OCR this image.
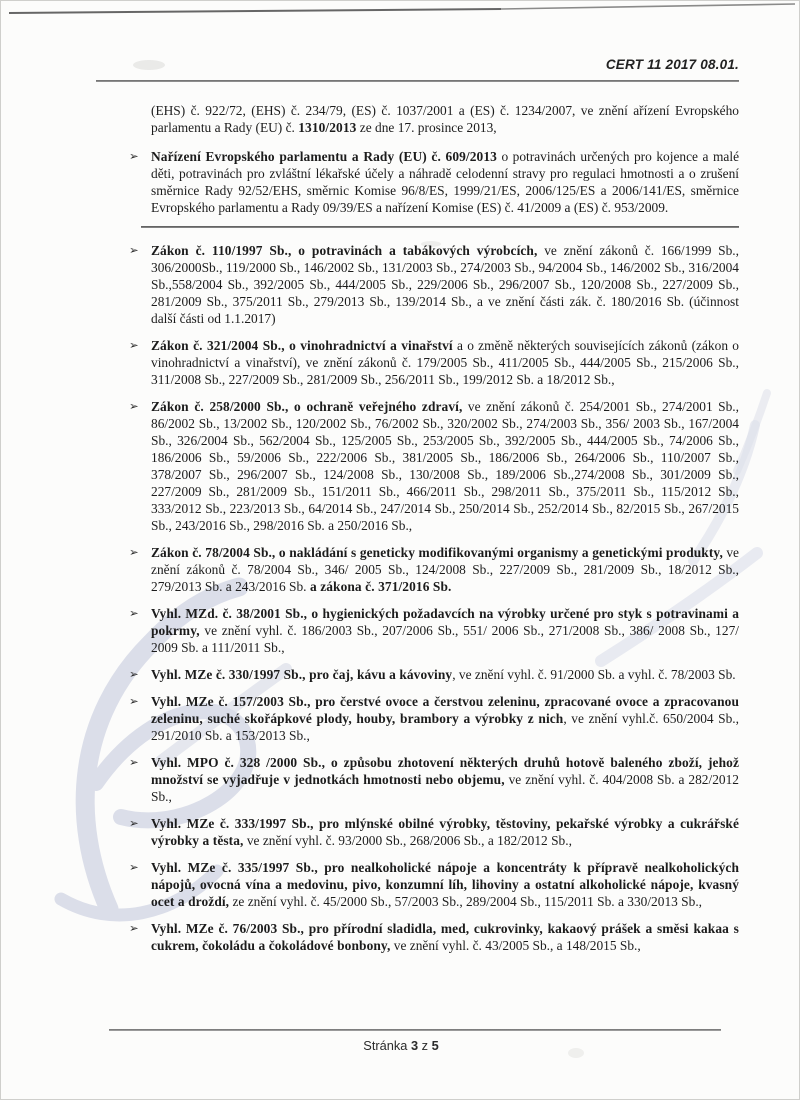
CERT 11 2017 08.01.
(EHS) č. 922/72, (EHS) č. 234/79, (ES) č. 1037/2001 a (ES) č. 1234/2007, ve znění ařízení Evropského parlamentu a Rady (EU) č. 1310/2013 ze dne 17. prosince 2013,
➢ Nařízení Evropského parlamentu a Rady (EU) č. 609/2013 o potravinách určených pro kojence a malé děti, potravinách pro zvláštní lékařské účely a náhradě celodenní stravy pro regulaci hmotnosti a o zrušení směrnice Rady 92/52/EHS, směrnic Komise 96/8/ES, 1999/21/ES, 2006/125/ES a 2006/141/ES, směrnice Evropského parlamentu a Rady 09/39/ES a nařízení Komise (ES) č. 41/2009 a (ES) č. 953/2009.
➢ Zákon č. 110/1997 Sb., o potravinách a tabákových výrobcích, ve znění zákonů č. 166/1999 Sb., 306/2000Sb., 119/2000 Sb., 146/2002 Sb., 131/2003 Sb., 274/2003 Sb., 94/2004 Sb., 146/2002 Sb., 316/2004 Sb.,558/2004 Sb., 392/2005 Sb., 444/2005 Sb., 229/2006 Sb., 296/2007 Sb., 120/2008 Sb., 227/2009 Sb., 281/2009 Sb., 375/2011 Sb., 279/2013 Sb., 139/2014 Sb., a ve znění části zák. č. 180/2016 Sb. (účinnost další části od 1.1.2017)
➢ Zákon č. 321/2004 Sb., o vinohradnictví a vinařství a o změně některých souvisejících zákonů (zákon o vinohradnictví a vinařství), ve znění zákonů č. 179/2005 Sb., 411/2005 Sb., 444/2005 Sb., 215/2006 Sb., 311/2008 Sb., 227/2009 Sb., 281/2009 Sb., 256/2011 Sb., 199/2012 Sb. a 18/2012 Sb.,
➢ Zákon č. 258/2000 Sb., o ochraně veřejného zdraví, ve znění zákonů č. 254/2001 Sb., 274/2001 Sb., 86/2002 Sb., 13/2002 Sb., 120/2002 Sb., 76/2002 Sb., 320/2002 Sb., 274/2003 Sb., 356/ 2003 Sb., 167/2004 Sb., 326/2004 Sb., 562/2004 Sb., 125/2005 Sb., 253/2005 Sb., 392/2005 Sb., 444/2005 Sb., 74/2006 Sb., 186/2006 Sb., 59/2006 Sb., 222/2006 Sb., 381/2005 Sb., 186/2006 Sb., 264/2006 Sb., 110/2007 Sb., 378/2007 Sb., 296/2007 Sb., 124/2008 Sb., 130/2008 Sb., 189/2006 Sb.,274/2008 Sb., 301/2009 Sb., 227/2009 Sb., 281/2009 Sb., 151/2011 Sb., 466/2011 Sb., 298/2011 Sb., 375/2011 Sb., 115/2012 Sb., 333/2012 Sb., 223/2013 Sb., 64/2014 Sb., 247/2014 Sb., 250/2014 Sb., 252/2014 Sb., 82/2015 Sb., 267/2015 Sb., 243/2016 Sb., 298/2016 Sb. a 250/2016 Sb.,
➢ Zákon č. 78/2004 Sb., o nakládání s geneticky modifikovanými organismy a genetickými produkty, ve znění zákonů č. 78/2004 Sb., 346/ 2005 Sb., 124/2008 Sb., 227/2009 Sb., 281/2009 Sb., 18/2012 Sb., 279/2013 Sb. a 243/2016 Sb. a zákona č. 371/2016 Sb.
➢ Vyhl. MZd. č. 38/2001 Sb., o hygienických požadavcích na výrobky určené pro styk s potravinami a pokrmy, ve znění vyhl. č. 186/2003 Sb., 207/2006 Sb., 551/ 2006 Sb., 271/2008 Sb., 386/ 2008 Sb., 127/ 2009 Sb. a 111/2011 Sb.,
➢ Vyhl. MZe č. 330/1997 Sb., pro čaj, kávu a kávoviny, ve znění vyhl. č. 91/2000 Sb. a vyhl. č. 78/2003 Sb.
➢ Vyhl. MZe č. 157/2003 Sb., pro čerstvé ovoce a čerstvou zeleninu, zpracované ovoce a zpracovanou zeleninu, suché skořápkové plody, houby, brambory a výrobky z nich, ve znění vyhl.č. 650/2004 Sb., 291/2010 Sb. a 153/2013 Sb.,
➢ Vyhl. MPO č. 328 /2000 Sb., o způsobu zhotovení některých druhů hotově baleného zboží, jehož množství se vyjadřuje v jednotkách hmotnosti nebo objemu, ve znění vyhl. č. 404/2008 Sb. a 282/2012 Sb.,
➢ Vyhl. MZe č. 333/1997 Sb., pro mlýnské obilné výrobky, těstoviny, pekařské výrobky a cukrářské výrobky a těsta, ve znění vyhl. č. 93/2000 Sb., 268/2006 Sb., a 182/2012 Sb.,
➢ Vyhl. MZe č. 335/1997 Sb., pro nealkoholické nápoje a koncentráty k přípravě nealkoholických nápojů, ovocná vína a medovinu, pivo, konzumní líh, lihoviny a ostatní alkoholické nápoje, kvasný ocet a droždí, ze znění vyhl. č. 45/2000 Sb., 57/2003 Sb., 289/2004 Sb., 115/2011 Sb. a 330/2013 Sb.,
➢ Vyhl. MZe č. 76/2003 Sb., pro přírodní sladidla, med, cukrovinky, kakaový prášek a směsi kakaa s cukrem, čokoládu a čokoládové bonbony, ve znění vyhl. č. 43/2005 Sb., a 148/2015 Sb.,
Stránka 3 z 5
